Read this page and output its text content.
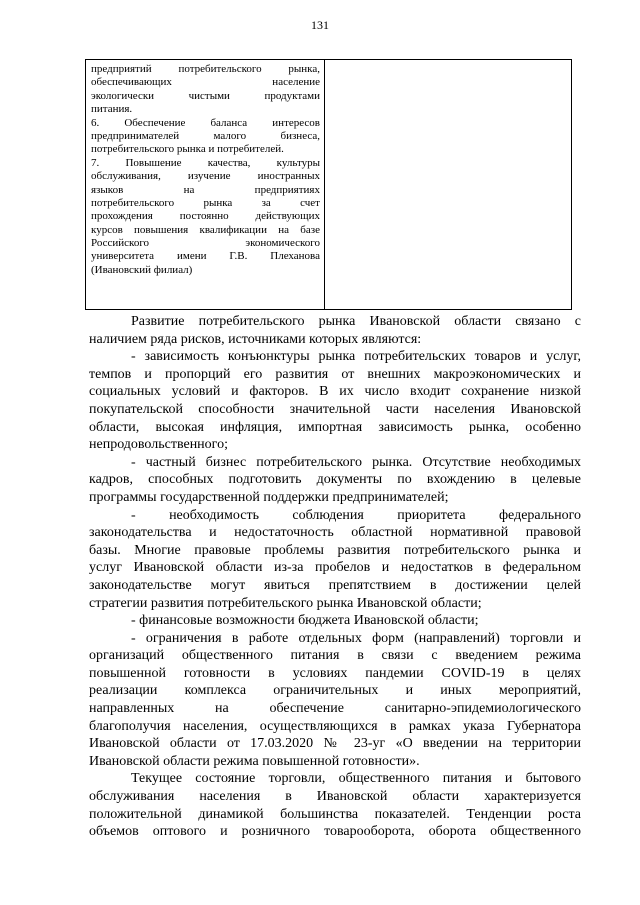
131
предприятий потребительского рынка,
обеспечивающих население
экологически чистыми продуктами
питания.
6. Обеспечение баланса интересов
предпринимателей малого бизнеса,
потребительского рынка и потребителей.
7. Повышение качества, культуры
обслуживания, изучение иностранных
языков на предприятиях
потребительского рынка за счет
прохождения постоянно действующих
курсов повышения квалификации на базе
Российского экономического
университета имени Г.В. Плеханова
(Ивановский филиал)
Развитие потребительского рынка Ивановской области связано с
наличием ряда рисков, источниками которых являются:
- зависимость конъюнктуры рынка потребительских товаров и услуг,
темпов и пропорций его развития от внешних макроэкономических и
социальных условий и факторов. В их число входит сохранение низкой
покупательской способности значительной части населения Ивановской
области, высокая инфляция, импортная зависимость рынка, особенно
непродовольственного;
- частный бизнес потребительского рынка. Отсутствие необходимых
кадров, способных подготовить документы по вхождению в целевые
программы государственной поддержки предпринимателей;
- необходимость соблюдения приоритета федерального
законодательства и недостаточность областной нормативной правовой
базы. Многие правовые проблемы развития потребительского рынка и
услуг Ивановской области из-за пробелов и недостатков в федеральном
законодательстве могут явиться препятствием в достижении целей
стратегии развития потребительского рынка Ивановской области;
- финансовые возможности бюджета Ивановской области;
- ограничения в работе отдельных форм (направлений) торговли и
организаций общественного питания в связи с введением режима
повышенной готовности в условиях пандемии COVID-19 в целях
реализации комплекса ограничительных и иных мероприятий,
направленных на обеспечение санитарно-эпидемиологического
благополучия населения, осуществляющихся в рамках указа Губернатора
Ивановской области от 17.03.2020 № 23-уг «О введении на территории
Ивановской области режима повышенной готовности».
Текущее состояние торговли, общественного питания и бытового
обслуживания населения в Ивановской области характеризуется
положительной динамикой большинства показателей. Тенденции роста
объемов оптового и розничного товарооборота, оборота общественного
